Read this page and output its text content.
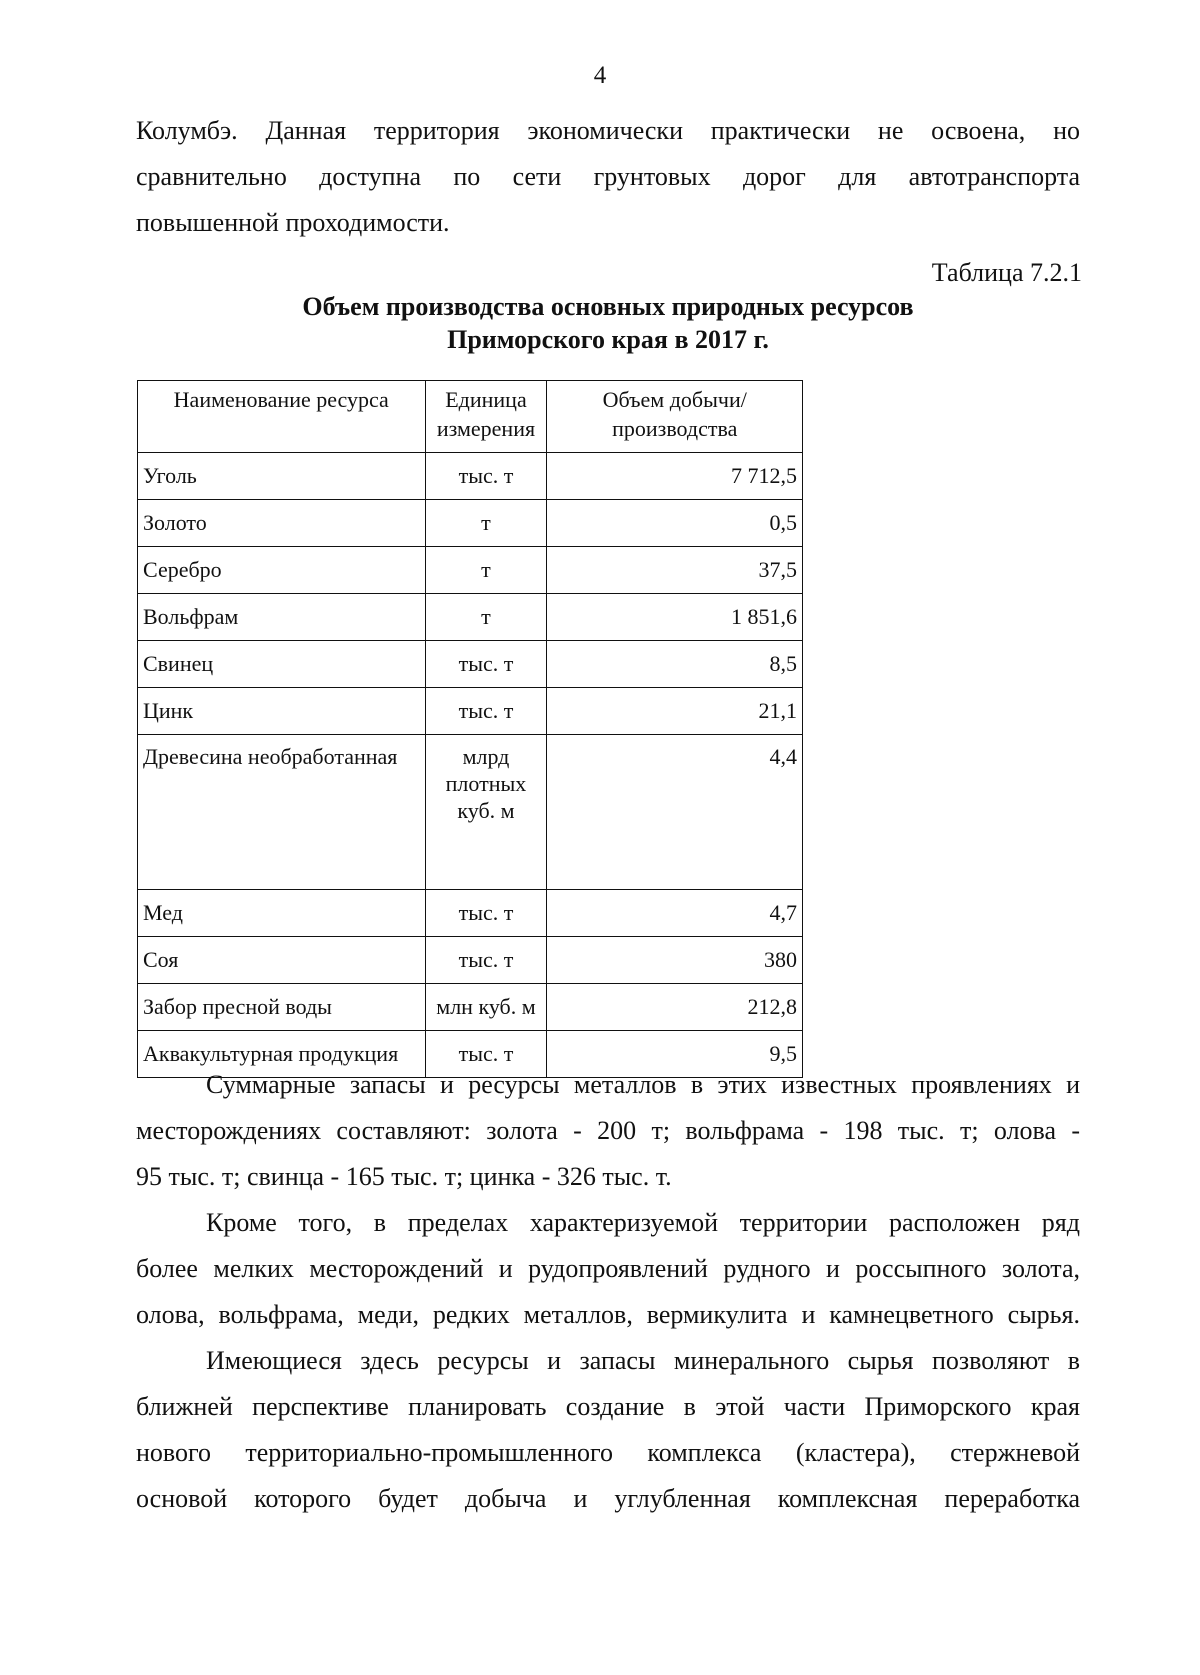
4

Колумбэ. Данная территория экономически практически не освоена, но
сравнительно доступна по сети грунтовых дорог для автотранспорта
повышенной проходимости.

Таблица 7.2.1
Объем производства основных природных ресурсов
Приморского края в 2017 г.
Наименование ресурса	Единица измерения	Объем добычи/производства
Уголь	тыс. т	7 712,5
Золото	т	0,5
Серебро	т	37,5
Вольфрам	т	1 851,6
Свинец	тыс. т	8,5
Цинк	тыс. т	21,1
Древесина необработанная	млрд плотных куб. м	4,4
Мед	тыс. т	4,7
Соя	тыс. т	380
Забор пресной воды	млн куб. м	212,8
Аквакультурная продукция	тыс. т	9,5

Суммарные запасы и ресурсы металлов в этих известных проявлениях и
месторождениях составляют: золота - 200 т; вольфрама - 198 тыс. т; олова -
95 тыс. т; свинца - 165 тыс. т; цинка - 326 тыс. т.

Кроме того, в пределах характеризуемой территории расположен ряд
более мелких месторождений и рудопроявлений рудного и россыпного золота,
олова, вольфрама, меди, редких металлов, вермикулита и камнецветного сырья.

Имеющиеся здесь ресурсы и запасы минерального сырья позволяют в
ближней перспективе планировать создание в этой части Приморского края
нового территориально-промышленного комплекса (кластера), стержневой
основой которого будет добыча и углубленная комплексная переработка
